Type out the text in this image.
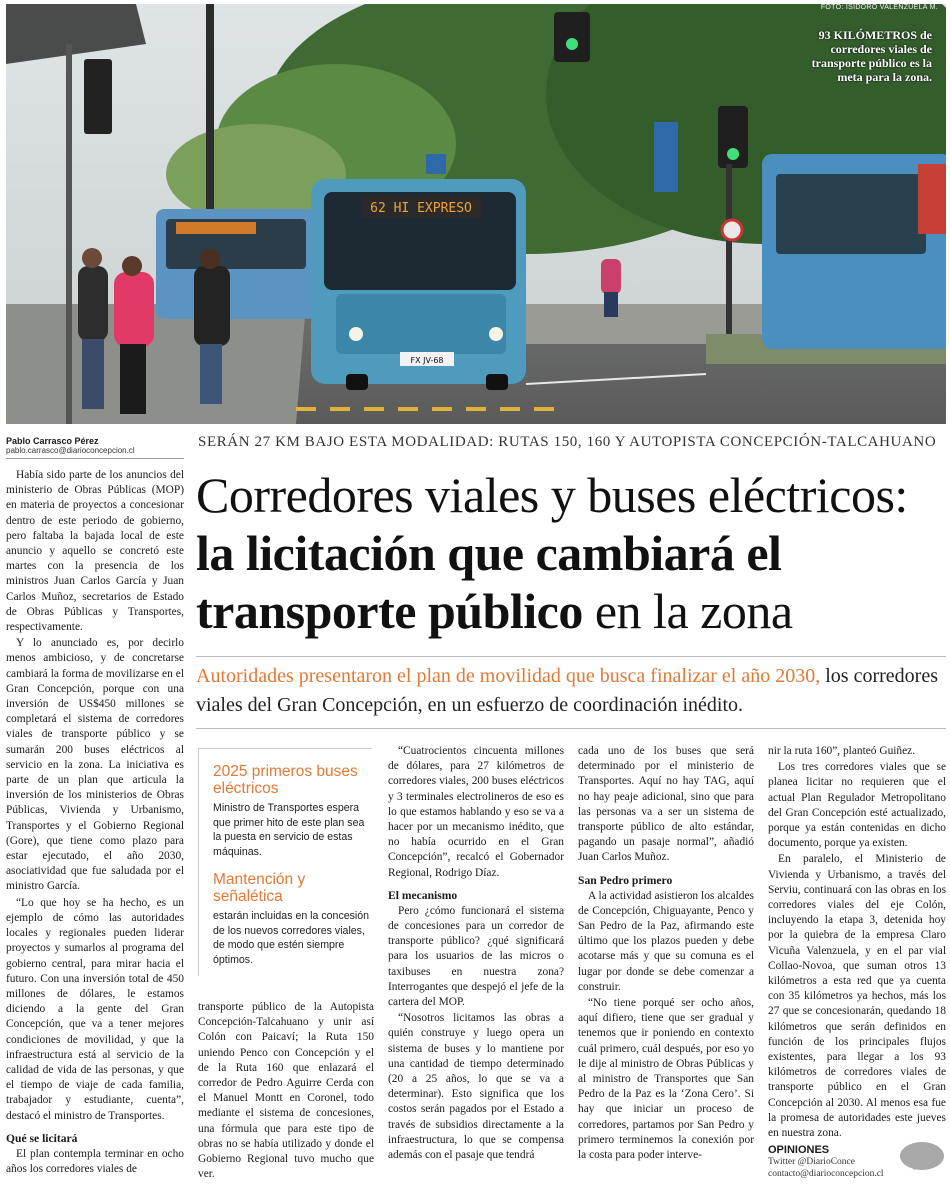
62 HI EXPRESO
FX JV-68
FOTO: ISIDORO VALENZUELA M.
93 KILÓMETROS de corredores viales de transporte público es la meta para la zona.
Pablo Carrasco Pérez
pablo.carrasco@diarioconcepcion.cl
SERÁN 27 KM BAJO ESTA MODALIDAD: RUTAS 150, 160 Y AUTOPISTA CONCEPCIÓN-TALCAHUANO
Corredores viales y buses eléctricos:
la licitación que cambiará el
transporte público en la zona
Autoridades presentaron el plan de movilidad que busca finalizar el año 2030, los corredores viales del Gran Concepción, en un esfuerzo de coordinación inédito.

Había sido parte de los anuncios del ministerio de Obras Públicas (MOP) en materia de proyectos a concesionar dentro de este periodo de gobierno, pero faltaba la bajada local de este anuncio y aquello se concretó este martes con la presencia de los ministros Juan Carlos García y Juan Carlos Muñoz, secretarios de Estado de Obras Públicas y Transportes, respectivamente.

Y lo anunciado es, por decirlo menos ambicioso, y de concretarse cambiará la forma de movilizarse en el Gran Concepción, porque con una inversión de US$450 millones se completará el sistema de corredores viales de transporte público y se sumarán 200 buses eléctricos al servicio en la zona. La iniciativa es parte de un plan que articula la inversión de los ministerios de Obras Públicas, Vivienda y Urbanismo, Transportes y el Gobierno Regional (Gore), que tiene como plazo para estar ejecutado, el año 2030, asociatividad que fue saludada por el ministro García.

“Lo que hoy se ha hecho, es un ejemplo de cómo las autoridades locales y regionales pueden liderar proyectos y sumarlos al programa del gobierno central, para mirar hacia el futuro. Con una inversión total de 450 millones de dólares, le estamos diciendo a la gente del Gran Concepción, que va a tener mejores condiciones de movilidad, y que la infraestructura está al servicio de la calidad de vida de las personas, y que el tiempo de viaje de cada familia, trabajador y estudiante, cuenta”, destacó el ministro de Transportes.

Qué se licitará

El plan contempla terminar en ocho años los corredores viales de

2025 primeros buses eléctricos

Ministro de Transportes espera que primer hito de este plan sea la puesta en servicio de estas máquinas.

Mantención y señalética

estarán incluidas en la concesión de los nuevos corredores viales, de modo que estén siempre óptimos.

transporte público de la Autopista Concepción-Talcahuano y unir así Colón con Paicaví; la Ruta 150 uniendo Penco con Concepción y el de la Ruta 160 que enlazará el corredor de Pedro Aguirre Cerda con el Manuel Montt en Coronel, todo mediante el sistema de concesiones, una fórmula que para este tipo de obras no se había utilizado y donde el Gobierno Regional tuvo mucho que ver.

“Cuatrocientos cincuenta millones de dólares, para 27 kilómetros de corredores viales, 200 buses eléctricos y 3 terminales electrolineros de eso es lo que estamos hablando y eso se va a hacer por un mecanismo inédito, que no había ocurrido en el Gran Concepción”, recalcó el Gobernador Regional, Rodrigo Díaz.

El mecanismo

Pero ¿cómo funcionará el sistema de concesiones para un corredor de transporte público? ¿qué significará para los usuarios de las micros o taxibuses en nuestra zona? Interrogantes que despejó el jefe de la cartera del MOP.

“Nosotros licitamos las obras a quién construye y luego opera un sistema de buses y lo mantiene por una cantidad de tiempo determinado (20 a 25 años, lo que se va a determinar). Esto significa que los costos serán pagados por el Estado a través de subsidios directamente a la infraestructura, lo que se compensa además con el pasaje que tendrá

cada uno de los buses que será determinado por el ministerio de Transportes. Aquí no hay TAG, aquí no hay peaje adicional, sino que para las personas va a ser un sistema de transporte público de alto estándar, pagando un pasaje normal”, añadió Juan Carlos Muñoz.

San Pedro primero

A la actividad asistieron los alcaldes de Concepción, Chiguayante, Penco y San Pedro de la Paz, afirmando este último que los plazos pueden y debe acotarse más y que su comuna es el lugar por donde se debe comenzar a construir.

“No tiene porqué ser ocho años, aquí difiero, tiene que ser gradual y tenemos que ir poniendo en contexto cuál primero, cuál después, por eso yo le dije al ministro de Obras Públicas y al ministro de Transportes que San Pedro de la Paz es la ‘Zona Cero’. Si hay que iniciar un proceso de corredores, partamos por San Pedro y primero terminemos la conexión por la costa para poder interve-

nir la ruta 160”, planteó Guiñez.

Los tres corredores viales que se planea licitar no requieren que el actual Plan Regulador Metropolitano del Gran Concepción esté actualizado, porque ya están contenidas en dicho documento, porque ya existen.

En paralelo, el Ministerio de Vivienda y Urbanismo, a través del Serviu, continuará con las obras en los corredores viales del eje Colón, incluyendo la etapa 3, detenida hoy por la quiebra de la empresa Claro Vicuña Valenzuela, y en el par vial Collao-Novoa, que suman otros 13 kilómetros a esta red que ya cuenta con 35 kilómetros ya hechos, más los 27 que se concesionarán, quedando 18 kilómetros que serán definidos en función de los principales flujos existentes, para llegar a los 93 kilómetros de corredores viales de transporte público en el Gran Concepción al 2030. Al menos esa fue la promesa de autoridades este jueves en nuestra zona.

OPINIONES
Twitter @DiarioConce
contacto@diarioconcepcion.cl
